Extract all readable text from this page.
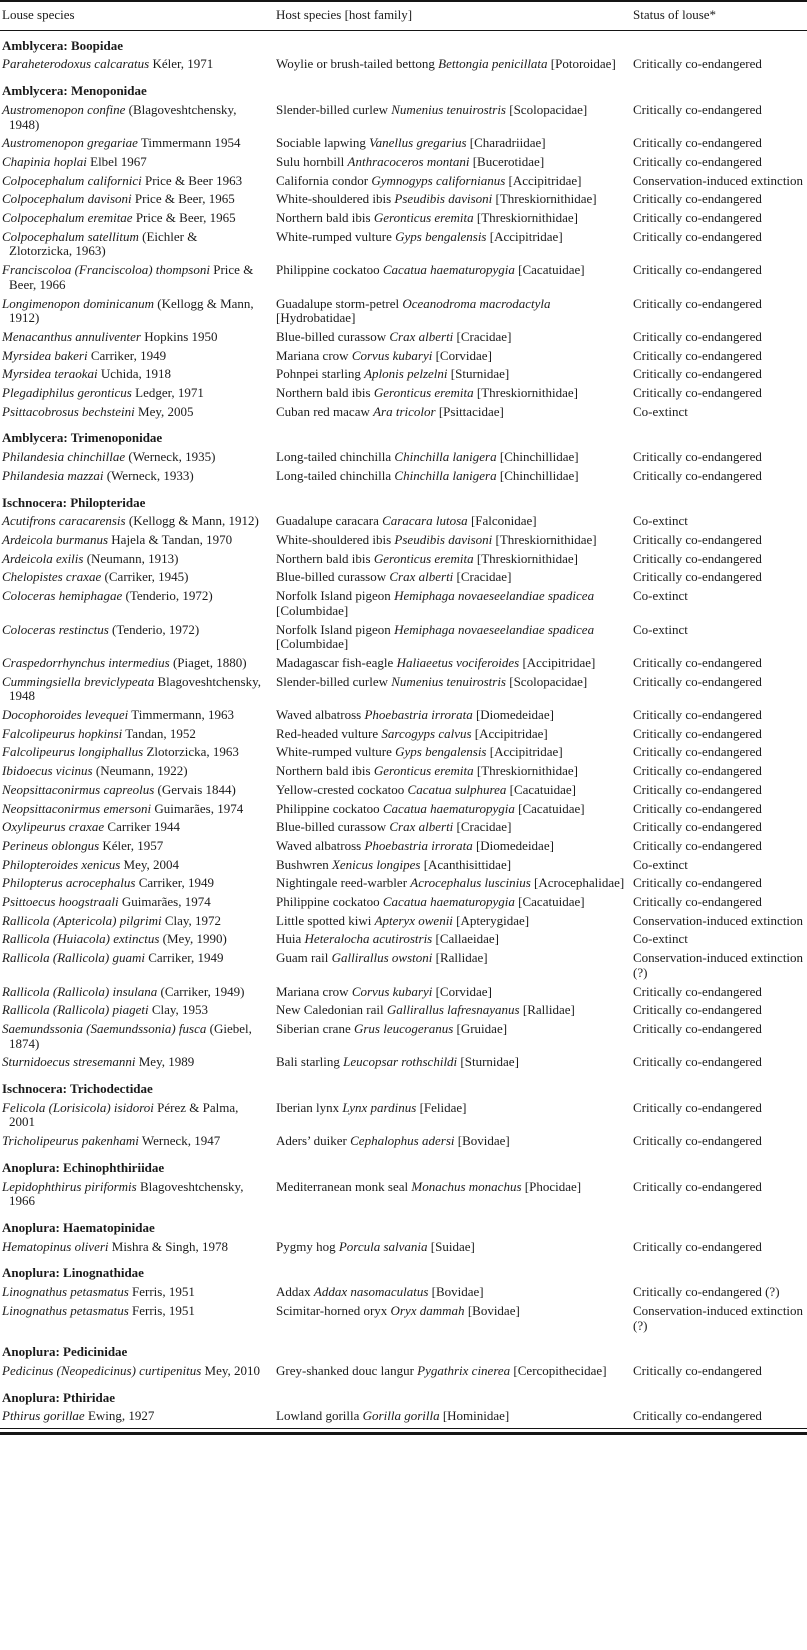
Louse species	Host species [host family]	Status of louse*
Amblycera: Boopidae		
Paraheterodoxus calcaratus Kéler, 1971	Woylie or brush-tailed bettong Bettongia penicillata [Potoroidae]	Critically co-endangered
Amblycera: Menoponidae		
Austromenopon confine (Blagoveshtchensky, 1948)	Slender-billed curlew Numenius tenuirostris [Scolopacidae]	Critically co-endangered
Austromenopon gregariae Timmermann 1954	Sociable lapwing Vanellus gregarius [Charadriidae]	Critically co-endangered
Chapinia hoplai Elbel 1967	Sulu hornbill Anthracoceros montani [Bucerotidae]	Critically co-endangered
Colpocephalum californici Price & Beer 1963	California condor Gymnogyps californianus [Accipitridae]	Conservation-induced extinction
Colpocephalum davisoni Price & Beer, 1965	White-shouldered ibis Pseudibis davisoni [Threskiornithidae]	Critically co-endangered
Colpocephalum eremitae Price & Beer, 1965	Northern bald ibis Geronticus eremita [Threskiornithidae]	Critically co-endangered
Colpocephalum satellitum (Eichler & Zlotorzicka, 1963)	White-rumped vulture Gyps bengalensis [Accipitridae]	Critically co-endangered
Franciscoloa (Franciscoloa) thompsoni Price & Beer, 1966	Philippine cockatoo Cacatua haematuropygia [Cacatuidae]	Critically co-endangered
Longimenopon dominicanum (Kellogg & Mann, 1912)	Guadalupe storm-petrel Oceanodroma macrodactyla [Hydrobatidae]	Critically co-endangered
Menacanthus annuliventer Hopkins 1950	Blue-billed curassow Crax alberti [Cracidae]	Critically co-endangered
Myrsidea bakeri Carriker, 1949	Mariana crow Corvus kubaryi [Corvidae]	Critically co-endangered
Myrsidea teraokai Uchida, 1918	Pohnpei starling Aplonis pelzelni [Sturnidae]	Critically co-endangered
Plegadiphilus geronticus Ledger, 1971	Northern bald ibis Geronticus eremita [Threskiornithidae]	Critically co-endangered
Psittacobrosus bechsteini Mey, 2005	Cuban red macaw Ara tricolor [Psittacidae]	Co-extinct
Amblycera: Trimenoponidae		
Philandesia chinchillae (Werneck, 1935)	Long-tailed chinchilla Chinchilla lanigera [Chinchillidae]	Critically co-endangered
Philandesia mazzai (Werneck, 1933)	Long-tailed chinchilla Chinchilla lanigera [Chinchillidae]	Critically co-endangered
Ischnocera: Philopteridae		
Acutifrons caracarensis (Kellogg & Mann, 1912)	Guadalupe caracara Caracara lutosa [Falconidae]	Co-extinct
Ardeicola burmanus Hajela & Tandan, 1970	White-shouldered ibis Pseudibis davisoni [Threskiornithidae]	Critically co-endangered
Ardeicola exilis (Neumann, 1913)	Northern bald ibis Geronticus eremita [Threskiornithidae]	Critically co-endangered
Chelopistes craxae (Carriker, 1945)	Blue-billed curassow Crax alberti [Cracidae]	Critically co-endangered
Coloceras hemiphagae (Tenderio, 1972)	Norfolk Island pigeon Hemiphaga novaeseelandiae spadicea [Columbidae]	Co-extinct
Coloceras restinctus (Tenderio, 1972)	Norfolk Island pigeon Hemiphaga novaeseelandiae spadicea [Columbidae]	Co-extinct
Craspedorrhynchus intermedius (Piaget, 1880)	Madagascar fish-eagle Haliaeetus vociferoides [Accipitridae]	Critically co-endangered
Cummingsiella breviclypeata Blagoveshtchensky, 1948	Slender-billed curlew Numenius tenuirostris [Scolopacidae]	Critically co-endangered
Docophoroides levequei Timmermann, 1963	Waved albatross Phoebastria irrorata [Diomedeidae]	Critically co-endangered
Falcolipeurus hopkinsi Tandan, 1952	Red-headed vulture Sarcogyps calvus [Accipitridae]	Critically co-endangered
Falcolipeurus longiphallus Zlotorzicka, 1963	White-rumped vulture Gyps bengalensis [Accipitridae]	Critically co-endangered
Ibidoecus vicinus (Neumann, 1922)	Northern bald ibis Geronticus eremita [Threskiornithidae]	Critically co-endangered
Neopsittaconirmus capreolus (Gervais 1844)	Yellow-crested cockatoo Cacatua sulphurea [Cacatuidae]	Critically co-endangered
Neopsittaconirmus emersoni Guimarães, 1974	Philippine cockatoo Cacatua haematuropygia [Cacatuidae]	Critically co-endangered
Oxylipeurus craxae Carriker 1944	Blue-billed curassow Crax alberti [Cracidae]	Critically co-endangered
Perineus oblongus Kéler, 1957	Waved albatross Phoebastria irrorata [Diomedeidae]	Critically co-endangered
Philopteroides xenicus Mey, 2004	Bushwren Xenicus longipes [Acanthisittidae]	Co-extinct
Philopterus acrocephalus Carriker, 1949	Nightingale reed-warbler Acrocephalus luscinius [Acrocephalidae]	Critically co-endangered
Psittoecus hoogstraali Guimarães, 1974	Philippine cockatoo Cacatua haematuropygia [Cacatuidae]	Critically co-endangered
Rallicola (Aptericola) pilgrimi Clay, 1972	Little spotted kiwi Apteryx owenii [Apterygidae]	Conservation-induced extinction
Rallicola (Huiacola) extinctus (Mey, 1990)	Huia Heteralocha acutirostris [Callaeidae]	Co-extinct
Rallicola (Rallicola) guami Carriker, 1949	Guam rail Gallirallus owstoni [Rallidae]	Conservation-induced extinction (?)
Rallicola (Rallicola) insulana (Carriker, 1949)	Mariana crow Corvus kubaryi [Corvidae]	Critically co-endangered
Rallicola (Rallicola) piageti Clay, 1953	New Caledonian rail Gallirallus lafresnayanus [Rallidae]	Critically co-endangered
Saemundssonia (Saemundssonia) fusca (Giebel, 1874)	Siberian crane Grus leucogeranus [Gruidae]	Critically co-endangered
Sturnidoecus stresemanni Mey, 1989	Bali starling Leucopsar rothschildi [Sturnidae]	Critically co-endangered
Ischnocera: Trichodectidae		
Felicola (Lorisicola) isidoroi Pérez & Palma, 2001	Iberian lynx Lynx pardinus [Felidae]	Critically co-endangered
Tricholipeurus pakenhami Werneck, 1947	Aders’ duiker Cephalophus adersi [Bovidae]	Critically co-endangered
Anoplura: Echinophthiriidae		
Lepidophthirus piriformis Blagoveshtchensky, 1966	Mediterranean monk seal Monachus monachus [Phocidae]	Critically co-endangered
Anoplura: Haematopinidae		
Hematopinus oliveri Mishra & Singh, 1978	Pygmy hog Porcula salvania [Suidae]	Critically co-endangered
Anoplura: Linognathidae		
Linognathus petasmatus Ferris, 1951	Addax Addax nasomaculatus [Bovidae]	Critically co-endangered (?)
Linognathus petasmatus Ferris, 1951	Scimitar-horned oryx Oryx dammah [Bovidae]	Conservation-induced extinction (?)
Anoplura: Pedicinidae		
Pedicinus (Neopedicinus) curtipenitus Mey, 2010	Grey-shanked douc langur Pygathrix cinerea [Cercopithecidae]	Critically co-endangered
Anoplura: Pthiridae		
Pthirus gorillae Ewing, 1927	Lowland gorilla Gorilla gorilla [Hominidae]	Critically co-endangered
